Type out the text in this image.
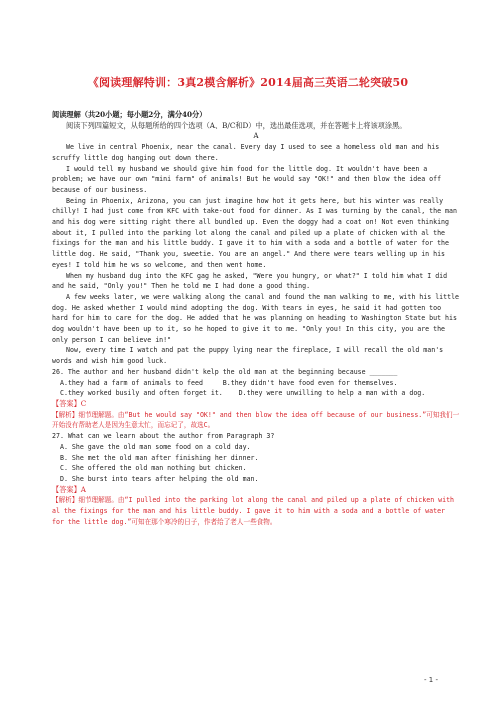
《阅读理解特训：3真2模含解析》2014届高三英语二轮突破50

阅读理解（共20小题；每小题2分，满分40分）

阅读下列四篇短文，从每题所给的四个选项（A、B/C和D）中，选出最佳选项，并在答题卡上将该项涂黑。

A

We live in central Phoenix, near the canal. Every day I used to see a homeless old man and his scruffy little dog hanging out down there.

I would tell my husband we should give him food for the little dog. It wouldn't have been a problem; we have our own "mini farm" of animals! But he would say "OK!" and then blow the idea off because of our business.

Being in Phoenix, Arizona, you can just imagine how hot it gets here, but his winter was really chilly! I had just come from KFC with take-out food for dinner. As I was turning by the canal, the man and his dog were sitting right there all bundled up. Even the doggy had a coat on! Not even thinking about it, I pulled into the parking lot along the canal and piled up a plate of chicken with al the fixings for the man and his little buddy. I gave it to him with a soda and a bottle of water for the little dog. He said, "Thank you, sweetie. You are an angel." And there were tears welling up in his eyes! I told him he ws so welcome, and then went home.

When my husband dug into the KFC gag he asked, "Were you hungry, or what?" I told him what I did and he said, "Only you!" Then he told me I had done a good thing.

A few weeks later, we were walking along the canal and found the man walking to me, with his little dog. He asked whether I would mind adopting the dog. With tears in eyes, he said it had gotten too hard for him to care for the dog. He added that he was planning on heading to Washington State but his dog wouldn't have been up to it, so he hoped to give it to me. "Only you! In this city, you are the only person I can believe in!"

Now, every time I watch and pat the puppy lying near the fireplace, I will recall the old man's words and wish him good luck.

26. The author and her husband didn't kelp the old man at the beginning because _______

A.they had a farm of animals to feed	B.they didn't have food even for themselves.
C.they worked busily and often forget it. D.they were unwilling to help a man with a dog.

【答案】C

【解析】细节理解题。由“But he would say "OK!" and then blow the idea off because of our business.”可知我们一开始没有帮助老人是因为生意太忙，而忘记了，故选C。

27. What can we learn about the author from Paragraph 3?

A. She gave the old man some food on a cold day.
B. She met the old man after finishing her dinner.
C. She offered the old man nothing but chicken.
D. She burst into tears after helping the old man.

【答案】A

【解析】细节理解题。由“I pulled into the parking lot along the canal and piled up a plate of chicken with al the fixings for the man and his little buddy. I gave it to him with a soda and a bottle of water for the little dog.”可知在那个寒冷的日子，作者给了老人一些食物。

- 1 -
